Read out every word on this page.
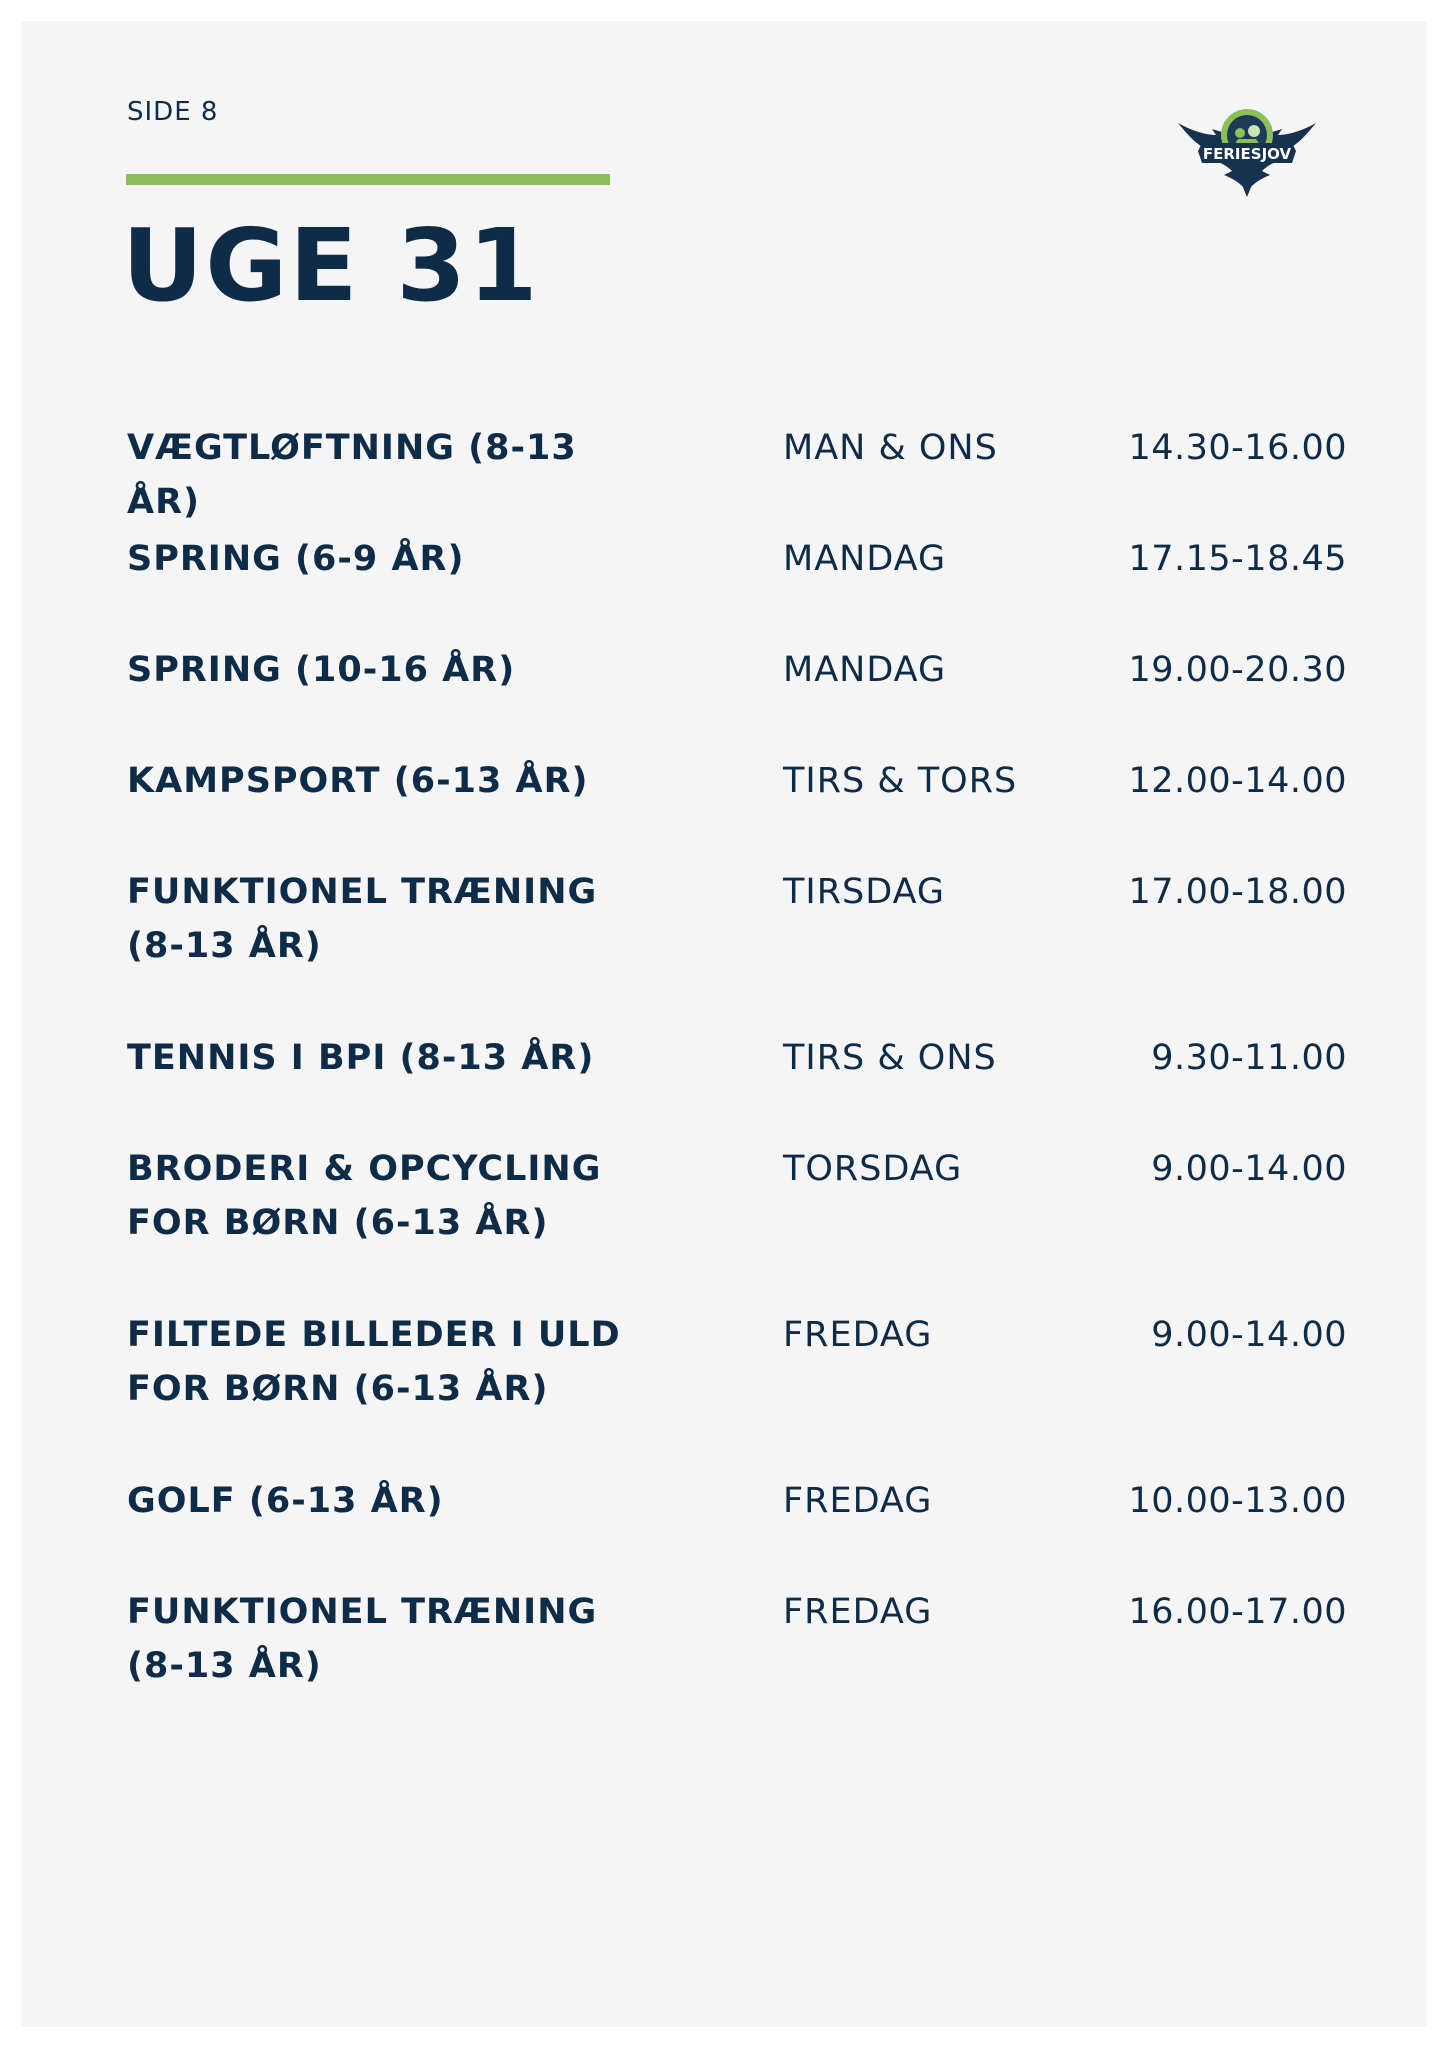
SIDE 8
UGE 31
FERIESJOV
VÆGTLØFTNING (8-13 ÅR)
MAN & ONS	14.30-16.00
SPRING (6-9 ÅR)	MANDAG	17.15-18.45
SPRING (10-16 ÅR)	MANDAG	19.00-20.30
KAMPSPORT (6-13 ÅR)	TIRS & TORS	12.00-14.00
FUNKTIONEL TRÆNING
(8-13 ÅR)
TIRSDAG	17.00-18.00
TENNIS I BPI (8-13 ÅR)	TIRS & ONS	9.30-11.00
BRODERI & OPCYCLING
FOR BØRN (6-13 ÅR)
TORSDAG	9.00-14.00
FILTEDE BILLEDER I ULD
FOR BØRN (6-13 ÅR)
FREDAG	9.00-14.00
GOLF (6-13 ÅR)	FREDAG	10.00-13.00
FUNKTIONEL TRÆNING
(8-13 ÅR)
FREDAG	16.00-17.00
